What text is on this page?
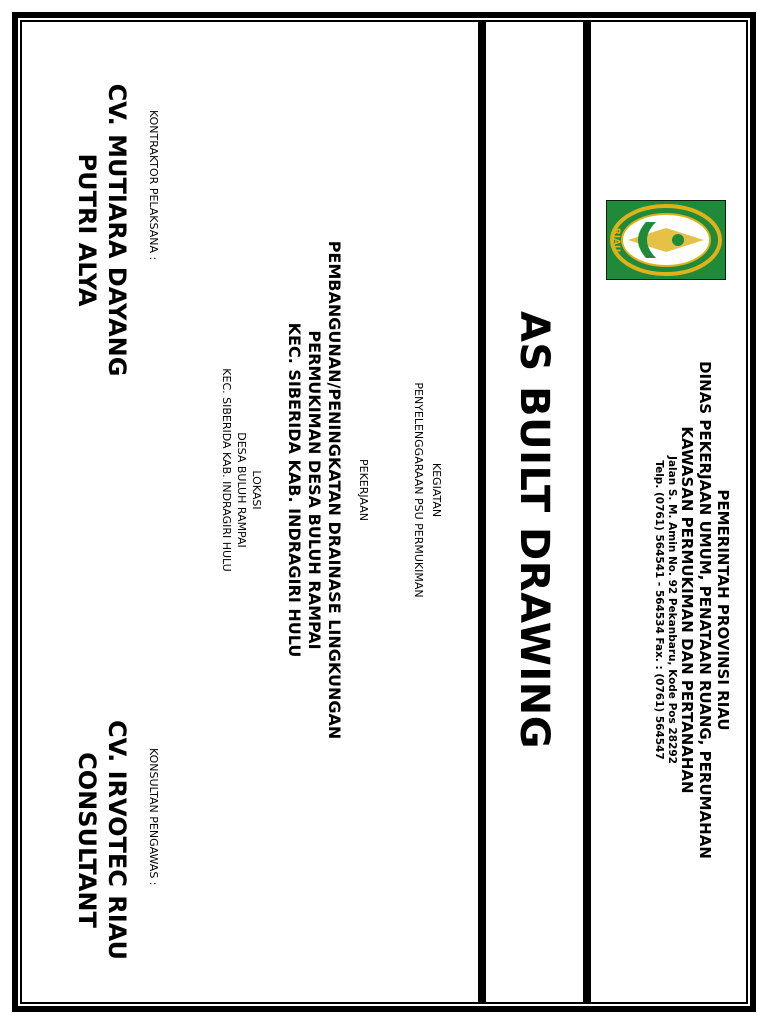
RIAU
PEMERINTAH PROVINSI RIAU
DINAS PEKERJAAN UMUM, PENATAAN RUANG, PERUMAHAN
KAWASAN PERMUKIMAN DAN PERTANAHAN
Jalan S. M. Amin No. 92 Pekanbaru, Kode Pos 28292
Telp. (0761) 564541 - 564534 Fax. : (0761) 564547
AS BUILT DRAWING
KEGIATAN
PENYELENGGARAAN PSU PERMUKIMAN
PEKERJAAN
PEMBANGUNAN/PENINGKATAN DRAINASE LINGKUNGAN
PERMUKIMAN DESA BULUH RAMPAI
KEC. SIBERIDA KAB. INDRAGIRI HULU
LOKASI
DESA BULUH RAMPAI
KEC. SIBERIDA KAB. INDRAGIRI HULU
KONTRAKTOR PELAKSANA :
CV. MUTIARA DAYANG
PUTRI ALYA
KONSULTAN PENGAWAS :
CV. IRVOTEC RIAU
CONSULTANT
